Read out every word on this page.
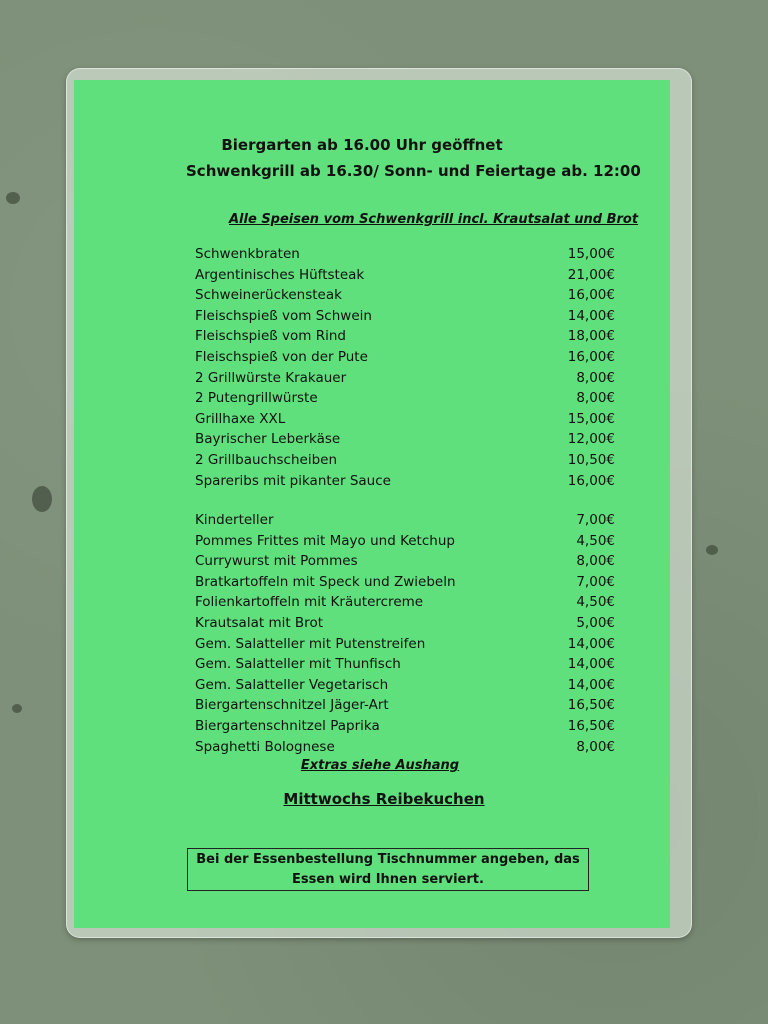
Biergarten ab 16.00 Uhr geöffnet
Schwenkgrill ab 16.30/ Sonn- und Feiertage ab. 12:00
Alle Speisen vom Schwenkgrill incl. Krautsalat und Brot
Schwenkbraten	15,00€
Argentinisches Hüftsteak	21,00€
Schweinerückensteak	16,00€
Fleischspieß vom Schwein	14,00€
Fleischspieß vom Rind	18,00€
Fleischspieß von der Pute	16,00€
2 Grillwürste Krakauer	8,00€
2 Putengrillwürste	8,00€
Grillhaxe XXL	15,00€
Bayrischer Leberkäse	12,00€
2 Grillbauchscheiben	10,50€
Spareribs mit pikanter Sauce	16,00€
Kinderteller	7,00€
Pommes Frittes mit Mayo und Ketchup	4,50€
Currywurst mit Pommes	8,00€
Bratkartoffeln mit Speck und Zwiebeln	7,00€
Folienkartoffeln mit Kräutercreme	4,50€
Krautsalat mit Brot	5,00€
Gem. Salatteller mit Putenstreifen	14,00€
Gem. Salatteller mit Thunfisch	14,00€
Gem. Salatteller Vegetarisch	14,00€
Biergartenschnitzel Jäger-Art	16,50€
Biergartenschnitzel Paprika	16,50€
Spaghetti Bolognese	8,00€
Extras siehe Aushang
Mittwochs Reibekuchen
Bei der Essenbestellung Tischnummer angeben, das
Essen wird Ihnen serviert.
